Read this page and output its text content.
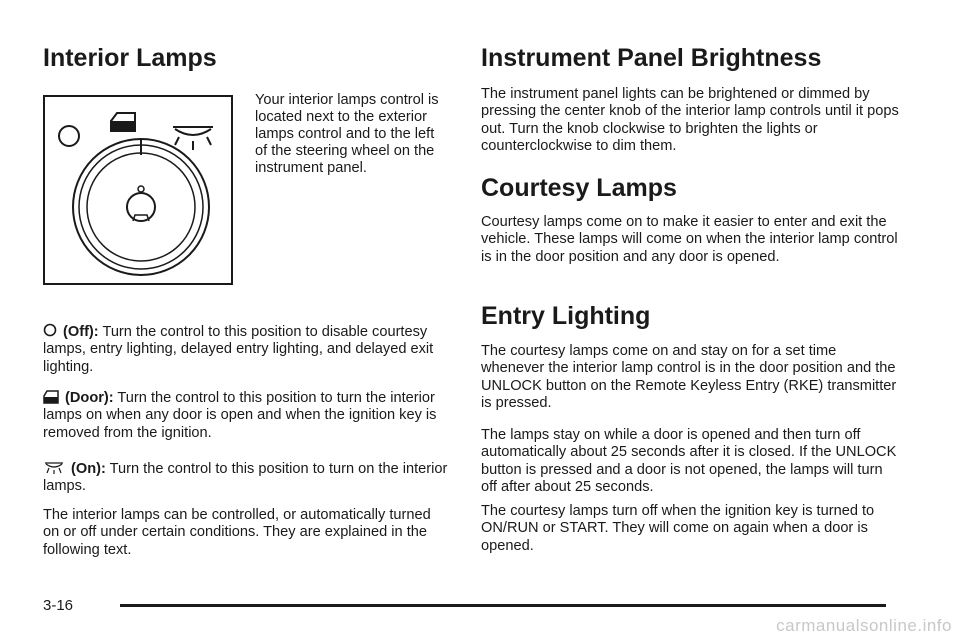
Interior Lamps

Your interior lamps control is located next to the exterior lamps control and to the left of the steering wheel on the instrument panel.

(Off): Turn the control to this position to disable courtesy lamps, entry lighting, delayed entry lighting, and delayed exit lighting.

(Door): Turn the control to this position to turn the interior lamps on when any door is open and when the ignition key is removed from the ignition.

(On): Turn the control to this position to turn on the interior lamps.

The interior lamps can be controlled, or automatically turned on or off under certain conditions. They are explained in the following text.

Instrument Panel Brightness

The instrument panel lights can be brightened or dimmed by pressing the center knob of the interior lamp controls until it pops out. Turn the knob clockwise to brighten the lights or counterclockwise to dim them.

Courtesy Lamps

Courtesy lamps come on to make it easier to enter and exit the vehicle. These lamps will come on when the interior lamp control is in the door position and any door is opened.

Entry Lighting

The courtesy lamps come on and stay on for a set time whenever the interior lamp control is in the door position and the UNLOCK button on the Remote Keyless Entry (RKE) transmitter is pressed.

The lamps stay on while a door is opened and then turn off automatically about 25 seconds after it is closed. If the UNLOCK button is pressed and a door is not opened, the lamps will turn off after about 25 seconds.

The courtesy lamps turn off when the ignition key is turned to ON/RUN or START. They will come on again when a door is opened.

3-16
carmanualsonline.info
